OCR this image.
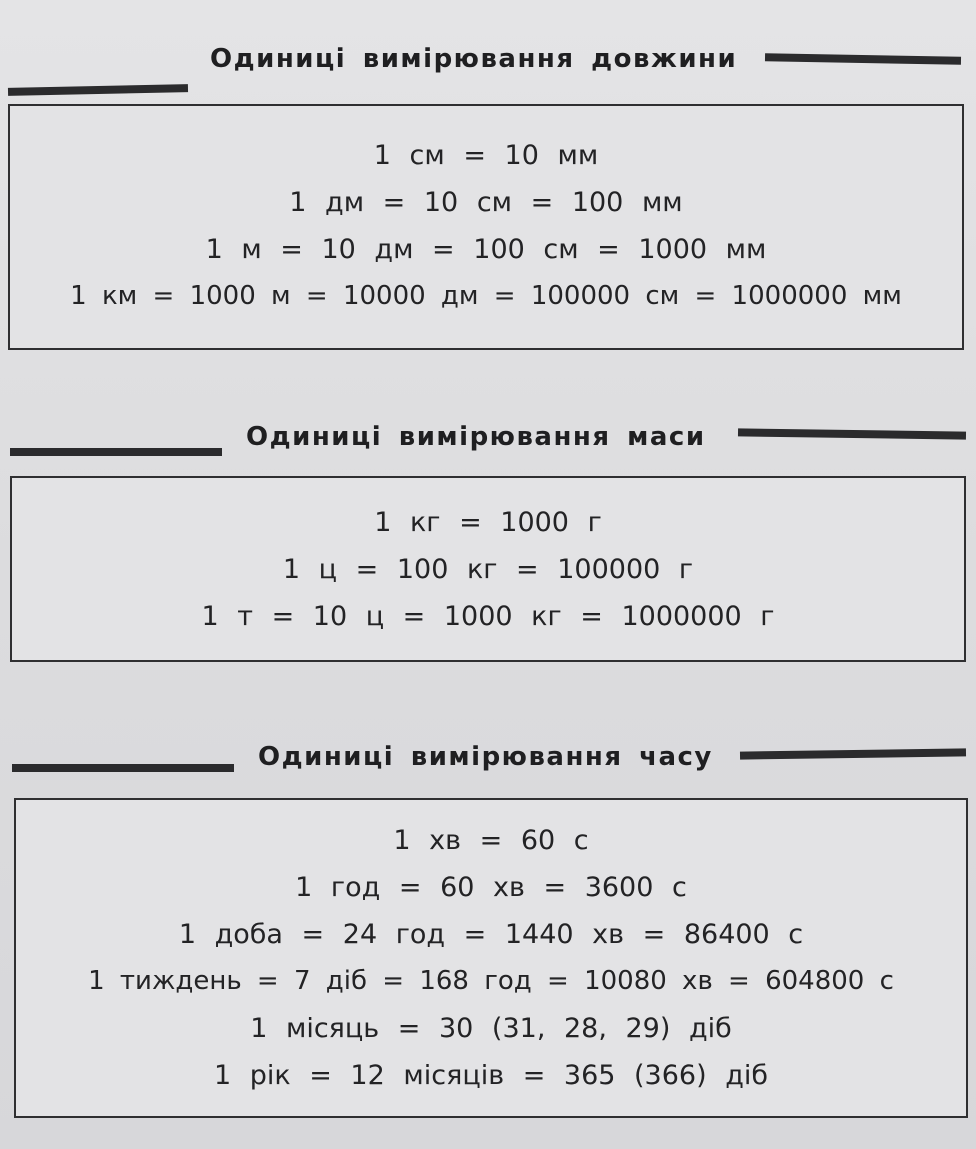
Одиниці вимірювання довжини
1 см = 10 мм
1 дм = 10 см = 100 мм
1 м = 10 дм = 100 см = 1000 мм
1 км = 1000 м = 10000 дм = 100000 см = 1000000 мм
Одиниці вимірювання маси
1 кг = 1000 г
1 ц = 100 кг = 100000 г
1 т = 10 ц = 1000 кг = 1000000 г
Одиниці вимірювання часу
1 хв = 60 с
1 год = 60 хв = 3600 с
1 доба = 24 год = 1440 хв = 86400 с
1 тиждень = 7 діб = 168 год = 10080 хв = 604800 с
1 місяць = 30 (31, 28, 29) діб
1 рік = 12 місяців = 365 (366) діб
